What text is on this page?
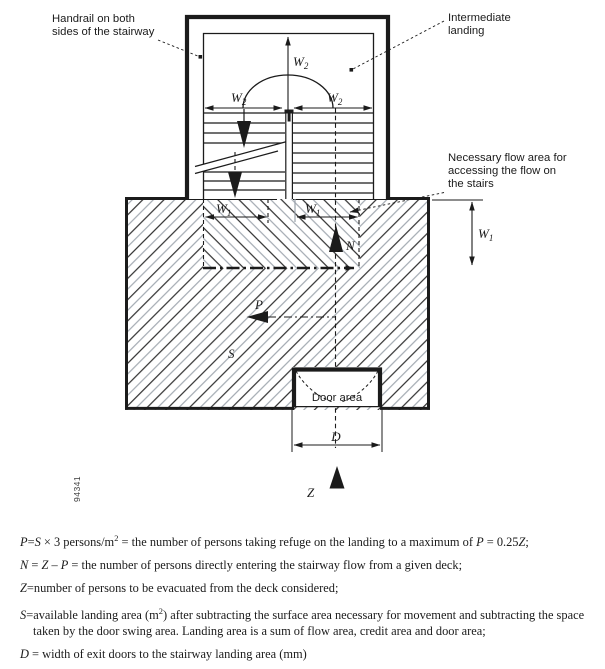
Handrail on both
sides of the stairway
Intermediate
landing
Necessary flow area for
accessing the flow on
the stairs
Door area
$W_2$
$W_2$	$W_2$
$W_1$	$W_1$
$W_1$
N
P
S
D
Z
94341
P=S × 3 persons/$m^2$ = the number of persons taking refuge on the landing to a maximum of P = 0.25Z;
N = Z – P = the number of persons directly entering the stairway flow from a given deck;
Z=number of persons to be evacuated from the deck considered;
S=available landing area $(m^2)$ after subtracting the surface area necessary for movement and subtracting the space taken by the door swing area. Landing area is a sum of flow area, credit area and door area;
D = width of exit doors to the stairway landing area (mm)
